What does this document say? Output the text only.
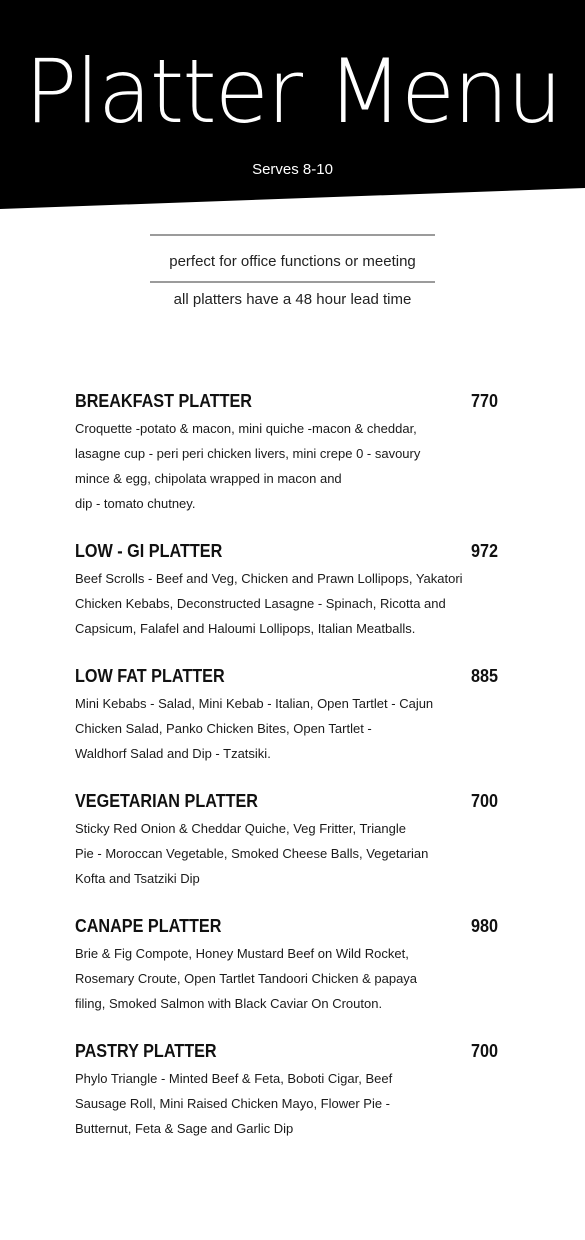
Platter Menu
Serves 8-10
perfect for office functions or meeting
all platters have a 48 hour lead time
BREAKFAST PLATTER	770
Croquette -potato & macon, mini quiche -macon & cheddar,
lasagne cup - peri peri chicken livers, mini crepe 0 - savoury
mince & egg, chipolata wrapped in macon and
dip - tomato chutney.
LOW - GI PLATTER	972
Beef Scrolls - Beef and Veg, Chicken and Prawn Lollipops, Yakatori
Chicken Kebabs, Deconstructed Lasagne - Spinach, Ricotta and
Capsicum, Falafel and Haloumi Lollipops, Italian Meatballs.
LOW FAT PLATTER	885
Mini Kebabs - Salad, Mini Kebab - Italian, Open Tartlet - Cajun
Chicken Salad, Panko Chicken Bites, Open Tartlet -
Waldhorf Salad and Dip - Tzatsiki.
VEGETARIAN PLATTER	700
Sticky Red Onion & Cheddar Quiche, Veg Fritter, Triangle
Pie - Moroccan Vegetable, Smoked Cheese Balls, Vegetarian
Kofta and Tsatziki Dip
CANAPE PLATTER	980
Brie & Fig Compote, Honey Mustard Beef on Wild Rocket,
Rosemary Croute, Open Tartlet Tandoori Chicken & papaya
filing, Smoked Salmon with Black Caviar On Crouton.
PASTRY PLATTER	700
Phylo Triangle - Minted Beef & Feta, Boboti Cigar, Beef
Sausage Roll, Mini Raised Chicken Mayo, Flower Pie -
Butternut, Feta & Sage and Garlic Dip
